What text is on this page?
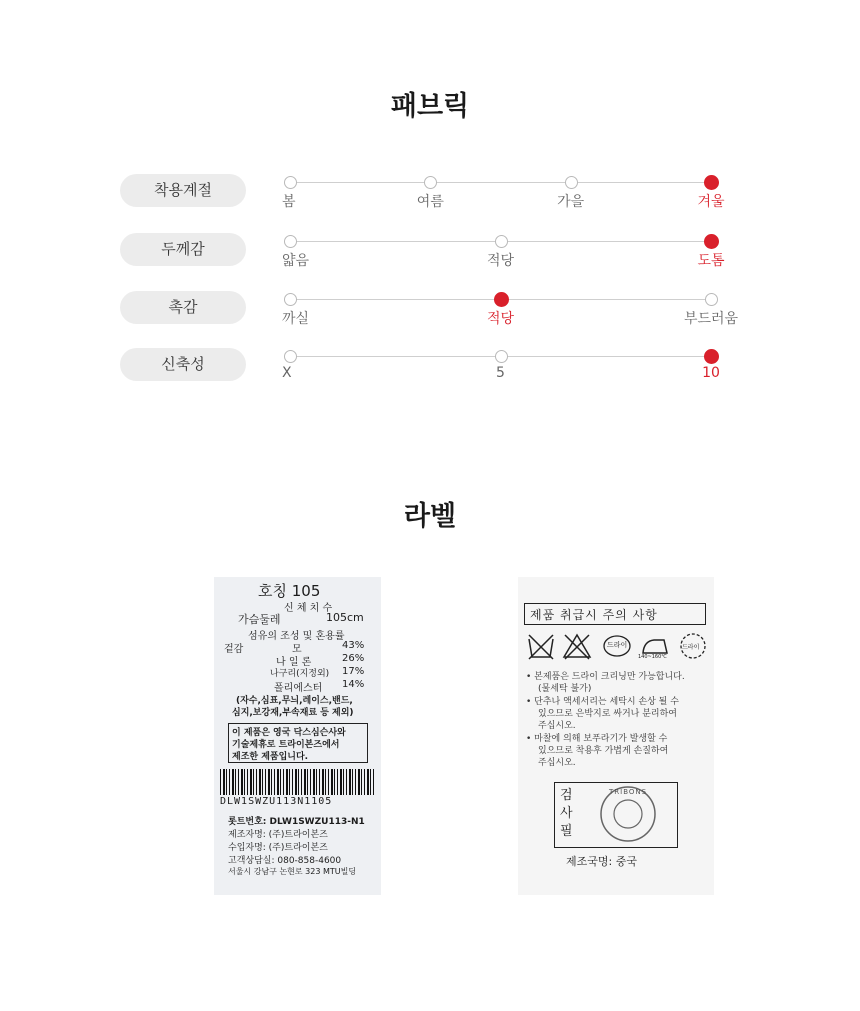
패브릭
착용계절
봄	여름	가을	겨울
두께감
얇음	적당	도톰
촉감
까실	적당	부드러움
신축성	X	5	10
라벨
호칭 105
신 체 치 수
가슴둘레	105cm
섬유의 조성 및 혼용률
겉감	모	43%
나 일 론	26%
나구리(지정외) 17%
폴리에스터 14%
(자수,심표,무늬,레이스,밴드,
심지,보강재,부속재료 등 제외)
이 제품은 영국 닥스심슨사와
기술제휴로 트라이본즈에서
제조한 제품입니다.
DLW1SWZU113N1105
롯트번호: DLW1SWZU113-N1
제조자명: (주)트라이본즈
수입자명: (주)트라이본즈
고객상담실: 080-858-4600
서울시 강남구 논현로 323 MTU빌딩
제품 취급시 주의 사항
드라이
140~160℃
드라이
• 본제품은 드라이 크리닝만 가능합니다.
(물세탁 불가)
• 단추나 액세서리는 세탁시 손상 될 수
있으므로 은박지로 싸거나 분리하여
주십시오.
• 마찰에 의해 보푸라기가 발생할 수
있으므로 착용후 가볍게 손질하여
주십시오.
검사필
TRIBONS
제조국명: 중국
